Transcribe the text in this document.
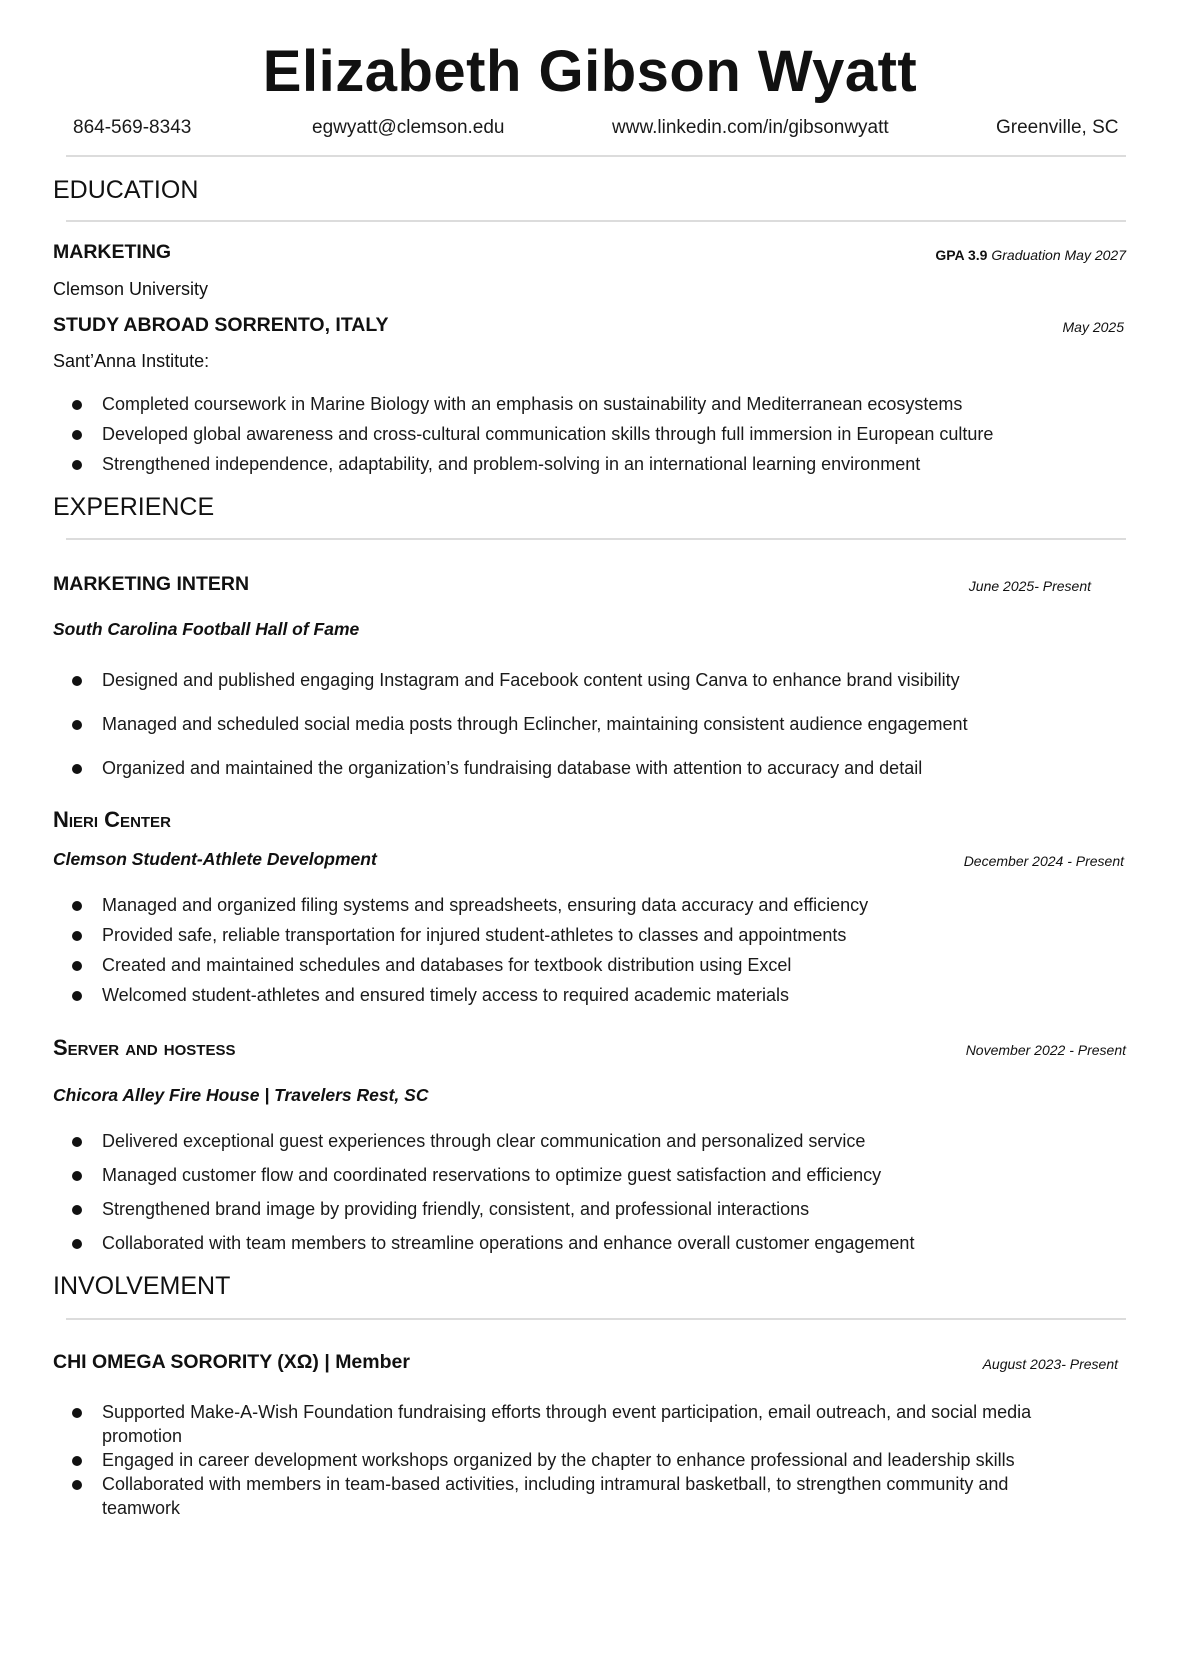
Elizabeth Gibson Wyatt
864-569-8343	egwyatt@clemson.edu	www.linkedin.com/in/gibsonwyatt	Greenville, SC
EDUCATION
MARKETING	GPA 3.9 Graduation May 2027
Clemson University
STUDY ABROAD SORRENTO, ITALY	May 2025
Sant’Anna Institute:
Completed coursework in Marine Biology with an emphasis on sustainability and Mediterranean ecosystems
Developed global awareness and cross-cultural communication skills through full immersion in European culture
Strengthened independence, adaptability, and problem-solving in an international learning environment
EXPERIENCE
MARKETING INTERN	June 2025- Present
South Carolina Football Hall of Fame
Designed and published engaging Instagram and Facebook content using Canva to enhance brand visibility
Managed and scheduled social media posts through Eclincher, maintaining consistent audience engagement
Organized and maintained the organization’s fundraising database with attention to accuracy and detail
Nieri Center
Clemson Student-Athlete Development	December 2024 - Present
Managed and organized filing systems and spreadsheets, ensuring data accuracy and efficiency
Provided safe, reliable transportation for injured student-athletes to classes and appointments
Created and maintained schedules and databases for textbook distribution using Excel
Welcomed student-athletes and ensured timely access to required academic materials
Server and hostess	November 2022 - Present
Chicora Alley Fire House | Travelers Rest, SC
Delivered exceptional guest experiences through clear communication and personalized service
Managed customer flow and coordinated reservations to optimize guest satisfaction and efficiency
Strengthened brand image by providing friendly, consistent, and professional interactions
Collaborated with team members to streamline operations and enhance overall customer engagement
INVOLVEMENT
CHI OMEGA SORORITY (XΩ) | Member	August 2023- Present
Supported Make-A-Wish Foundation fundraising efforts through event participation, email outreach, and social media promotion
Engaged in career development workshops organized by the chapter to enhance professional and leadership skills
Collaborated with members in team-based activities, including intramural basketball, to strengthen community and teamwork
